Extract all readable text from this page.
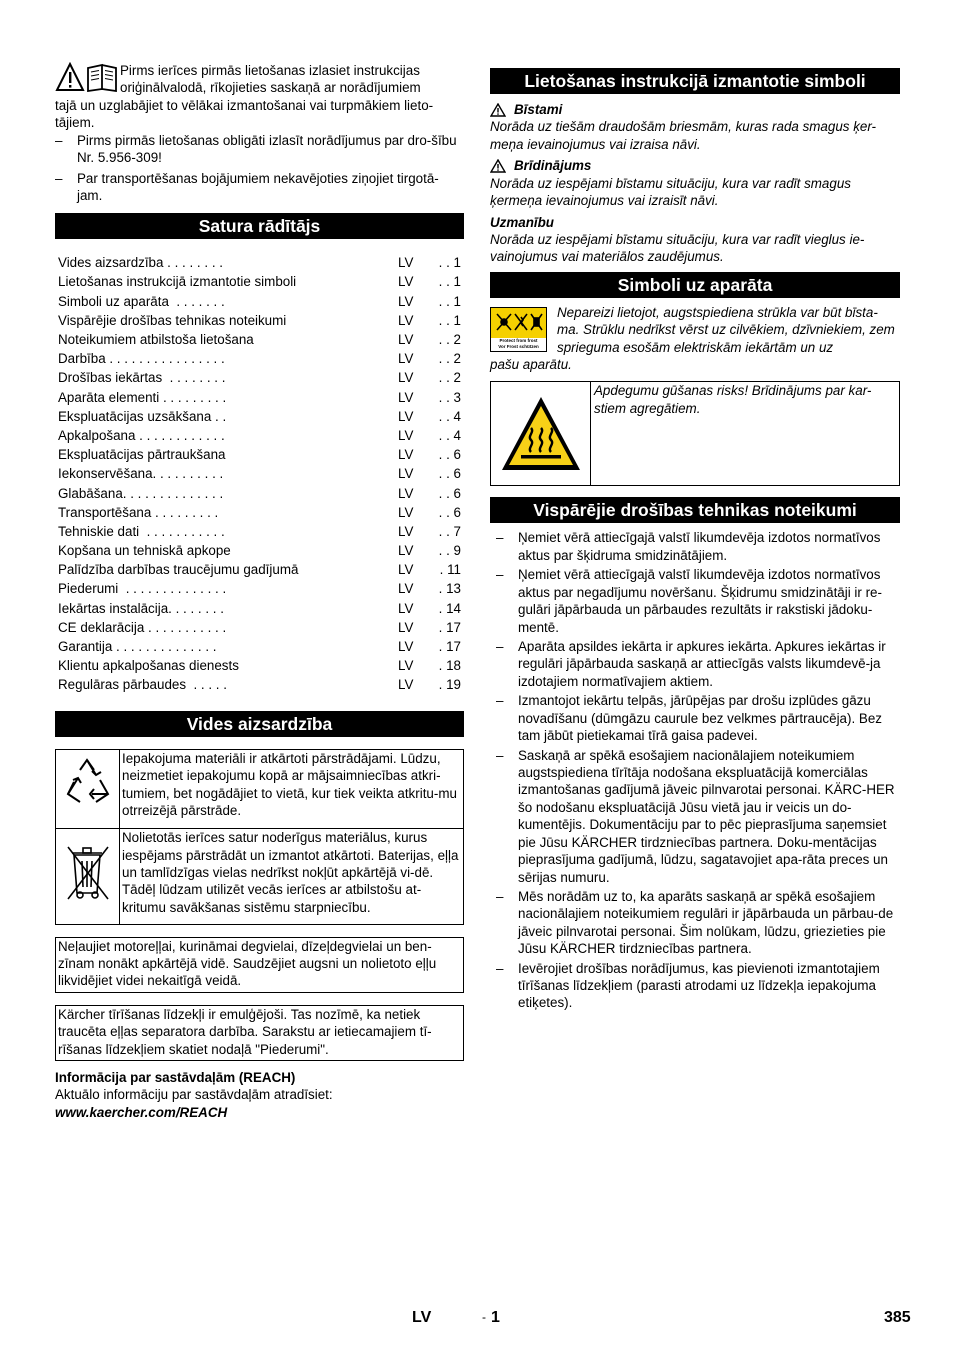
Pirms ierīces pirmās lietošanas izlasiet instrukcijas

oriģinālvalodā, rīkojieties saskaņā ar norādījumiem

tajā un uzglabājiet to vēlākai izmantošanai vai turpmākiem lieto-tājiem.

–	Pirms pirmās lietošanas obligāti izlasīt norādījumus par dro-šību Nr. 5.956-309!
–	Par transportēšanas bojājumiem nekavējoties ziņojiet tirgotā-jam.
Satura rādītājs
Vides aizsardzība . . . . . . . .	LV	. . 1
Lietošanas instrukcijā izmantotie simboli	LV	. . 1
Simboli uz aparāta  . . . . . . .	LV	. . 1
Vispārējie drošības tehnikas noteikumi	LV	. . 1
Noteikumiem atbilstoša lietošana	LV	. . 2
Darbība . . . . . . . . . . . . . . . .	LV	. . 2
Drošības iekārtas  . . . . . . . .	LV	. . 2
Aparāta elementi . . . . . . . . .	LV	. . 3
Ekspluatācijas uzsākšana . .	LV	. . 4
Apkalpošana . . . . . . . . . . . .	LV	. . 4
Ekspluatācijas pārtraukšana	LV	. . 6
Iekonservēšana. . . . . . . . . .	LV	. . 6
Glabāšana. . . . . . . . . . . . . .	LV	. . 6
Transportēšana . . . . . . . . .	LV	. . 6
Tehniskie dati  . . . . . . . . . . .	LV	. . 7
Kopšana un tehniskā apkope	LV	. . 9
Palīdzība darbības traucējumu gadījumā	LV	. 11
Piederumi  . . . . . . . . . . . . . .	LV	. 13
Iekārtas instalācija. . . . . . . .	LV	. 14
CE deklarācija . . . . . . . . . . .	LV	. 17
Garantija . . . . . . . . . . . . . .	LV	. 17
Klientu apkalpošanas dienests	LV	. 18
Regulāras pārbaudes  . . . . .	LV	. 19
Vides aizsardzība
	Iepakojuma materiāli ir atkārtoti pārstrādājami. Lūdzu, neizmetiet iepakojumu kopā ar mājsaimniecības atkri-tumiem, bet nogādājiet to vietā, kur tiek veikta atkritu-mu otrreizējā pārstrāde.
	Nolietotās ierīces satur noderīgus materiālus, kurus iespējams pārstrādāt un izmantot atkārtoti. Baterijas, eļļa un tamlīdzīgas vielas nedrīkst nokļūt apkārtējā vi-dē. Tādēļ lūdzam utilizēt vecās ierīces ar atbilstošu at-kritumu savākšanas sistēmu starpniecību.

Neļaujiet motoreļļai, kurināmai degvielai, dīzeļdegvielai un ben-zīnam nonākt apkārtējā vidē. Saudzējiet augsni un nolietoto eļļu likvidējiet videi nekaitīgā veidā.

Kärcher tīrīšanas līdzekļi ir emulģējoši. Tas nozīmē, ka netiek traucēta eļļas separatora darbība. Sarakstu ar ietiecamajiem tī-rīšanas līdzekļiem skatiet nodaļā "Piederumi".

Informācija par sastāvdaļām (REACH)

Aktuālo informāciju par sastāvdaļām atradīsiet:

www.kaercher.com/REACH

Lietošanas instrukcijā izmantotie simboli
Bīstami

Norāda uz tiešām draudošām briesmām, kuras rada smagus ķer-meņa ievainojumus vai izraisa nāvi.

Brīdinājums

Norāda uz iespējami bīstamu situāciju, kura var radīt smagus ķermeņa ievainojumus vai izraisīt nāvi.

Uzmanību

Norāda uz iespējami bīstamu situāciju, kura var radīt vieglus ie-vainojumus vai materiālos zaudējumus.

Simboli uz aparāta
Protect from frost
Vor Frost schützen

Nepareizi lietojot, augstspiediena strūkla var būt bīsta-ma. Strūklu nedrīkst vērst uz cilvēkiem, dzīvniekiem, zem sprieguma esošām elektriskām iekārtām un uz

pašu aparātu.

Apdegumu gūšanas risks! Brīdinājums par kar-stiem agregātiem.
Vispārējie drošības tehnikas noteikumi
–	Ņemiet vērā attiecīgajā valstī likumdevēja izdotos normatīvos aktus par šķidruma smidzinātājiem.
–	Ņemiet vērā attiecīgajā valstī likumdevēja izdotos normatīvos aktus par negadījumu novēršanu. Šķidrumu smidzinātāji ir re-gulāri jāpārbauda un pārbaudes rezultāts ir rakstiski jādoku-mentē.
–	Aparāta apsildes iekārta ir apkures iekārta. Apkures iekārtas ir regulāri jāpārbauda saskaņā ar attiecīgās valsts likumdevē-ja izdotajiem normatīvajiem aktiem.
–	Izmantojot iekārtu telpās, jārūpējas par drošu izplūdes gāzu novadīšanu (dūmgāzu caurule bez velkmes pārtraucēja). Bez tam jābūt pietiekamai tīrā gaisa padevei.
–	Saskaņā ar spēkā esošajiem nacionālajiem noteikumiem augstspiediena tīrītāja nodošana ekspluatācijā komerciālas izmantošanas gadījumā jāveic pilnvarotai personai. KÄRC-HER šo nodošanu ekspluatācijā Jūsu vietā jau ir veicis un do-kumentējis. Dokumentāciju par to pēc pieprasījuma saņemsiet pie Jūsu KÄRCHER tirdzniecības partnera. Doku-mentācijas pieprasījuma gadījumā, lūdzu, sagatavojiet apa-rāta preces un sērijas numuru.
–	Mēs norādām uz to, ka aparāts saskaņā ar spēkā esošajiem nacionālajiem noteikumiem regulāri ir jāpārbauda un pārbau-de jāveic pilnvarotai personai. Šim nolūkam, lūdzu, griezieties pie Jūsu KÄRCHER tirdzniecības partnera.
–	Ievērojiet drošības norādījumus, kas pievienoti izmantotajiem tīrīšanas līdzekļiem (parasti atrodami uz līdzekļa iepakojuma etiķetes).
LV	- 1	385
